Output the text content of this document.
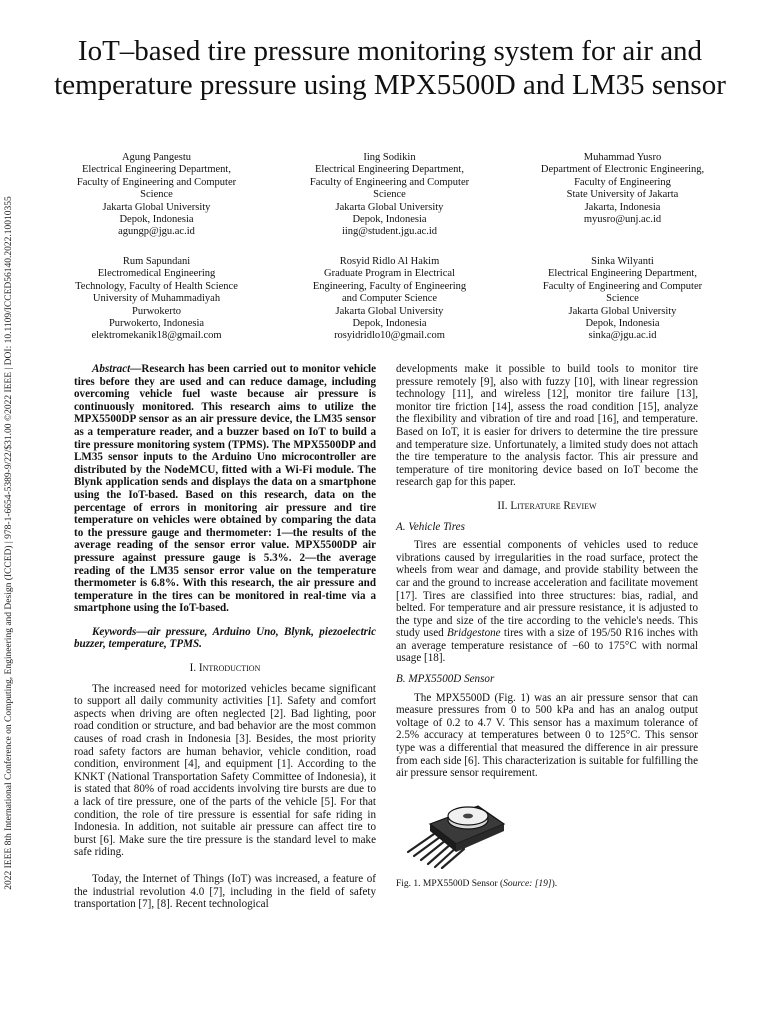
2022 IEEE 8th International Conference on Computing, Engineering and Design (ICCED) | 978-1-6654-5389-9/22/$31.00 ©2022 IEEE | DOI: 10.1109/ICCED56140.2022.10010355
IoT–based tire pressure monitoring system for air and temperature pressure using MPX5500D and LM35 sensor
Agung Pangestu
Electrical Engineering Department,
Faculty of Engineering and Computer
Science
Jakarta Global University
Depok, Indonesia
agungp@jgu.ac.id
Iing Sodikin
Electrical Engineering Department,
Faculty of Engineering and Computer
Science
Jakarta Global University
Depok, Indonesia
iing@student.jgu.ac.id
Muhammad Yusro
Department of Electronic Engineering,
Faculty of Engineering
State University of Jakarta
Jakarta, Indonesia
myusro@unj.ac.id
Rum Sapundani
Electromedical Engineering
Technology, Faculty of Health Science
University of Muhammadiyah
Purwokerto
Purwokerto, Indonesia
elektromekanik18@gmail.com
Rosyid Ridlo Al Hakim
Graduate Program in Electrical
Engineering, Faculty of Engineering
and Computer Science
Jakarta Global University
Depok, Indonesia
rosyidridlo10@gmail.com
Sinka Wilyanti
Electrical Engineering Department,
Faculty of Engineering and Computer
Science
Jakarta Global University
Depok, Indonesia
sinka@jgu.ac.id

Abstract—Research has been carried out to monitor vehicle tires before they are used and can reduce damage, including overcoming vehicle fuel waste because air pressure is continuously monitored. This research aims to utilize the MPX5500DP sensor as an air pressure device, the LM35 sensor as a temperature reader, and a buzzer based on IoT to build a tire pressure monitoring system (TPMS). The MPX5500DP and LM35 sensor inputs to the Arduino Uno microcontroller are distributed by the NodeMCU, fitted with a Wi-Fi module. The Blynk application sends and displays the data on a smartphone using the IoT-based. Based on this research, data on the percentage of errors in monitoring air pressure and tire temperature on vehicles were obtained by comparing the data to the pressure gauge and thermometer: 1—the results of the average reading of the sensor error value. MPX5500DP air pressure against pressure gauge is 5.3%. 2—the average reading of the LM35 sensor error value on the temperature thermometer is 6.8%. With this research, the air pressure and temperature in the tires can be monitored in real-time via a smartphone using the IoT-based.

Keywords—air pressure, Arduino Uno, Blynk, piezoelectric buzzer, temperature, TPMS.

I. Introduction

The increased need for motorized vehicles became significant to support all daily community activities [1]. Safety and comfort aspects when driving are often neglected [2]. Bad lighting, poor road condition or structure, and bad behavior are the most common causes of road crash in Indonesia [3]. Besides, the most priority road safety factors are human behavior, vehicle condition, road condition, environment [4], and equipment [1]. According to the KNKT (National Transportation Safety Committee of Indonesia), it is stated that 80% of road accidents involving tire bursts are due to a lack of tire pressure, one of the parts of the vehicle [5]. For that condition, the role of tire pressure is essential for safe riding in Indonesia. In addition, not suitable air pressure can affect tire to burst [6]. Make sure the tire pressure is the standard level to make safe riding.

Today, the Internet of Things (IoT) was increased, a feature of the industrial revolution 4.0 [7], including in the field of safety transportation [7], [8]. Recent technological

developments make it possible to build tools to monitor tire pressure remotely [9], also with fuzzy [10], with linear regression technology [11], and wireless [12], monitor tire failure [13], monitor tire friction [14], assess the road condition [15], analyze the flexibility and vibration of tire and road [16], and temperature. Based on IoT, it is easier for drivers to determine the tire pressure and temperature size. Unfortunately, a limited study does not attach the tire temperature to the analysis factor. This air pressure and temperature of tire monitoring device based on IoT become the research gap for this paper.

II. Literature Review
A. Vehicle Tires

Tires are essential components of vehicles used to reduce vibrations caused by irregularities in the road surface, protect the wheels from wear and damage, and provide stability between the car and the ground to increase acceleration and facilitate movement [17]. Tires are classified into three structures: bias, radial, and belted. For temperature and air pressure resistance, it is adjusted to the type and size of the tire according to the vehicle's needs. This study used Bridgestone tires with a size of 195/50 R16 inches with an average temperature resistance of −60 to 175°C with normal usage [18].

B. MPX5500D Sensor

The MPX5500D (Fig. 1) was an air pressure sensor that can measure pressures from 0 to 500 kPa and has an analog output voltage of 0.2 to 4.7 V. This sensor has a maximum tolerance of 2.5% accuracy at temperatures between 0 to 125°C. This sensor type was a differential that measured the difference in air pressure from each side [6]. This characterization is suitable for fulfilling the air pressure sensor requirement.

Fig. 1. MPX5500D Sensor (Source: [19]).
